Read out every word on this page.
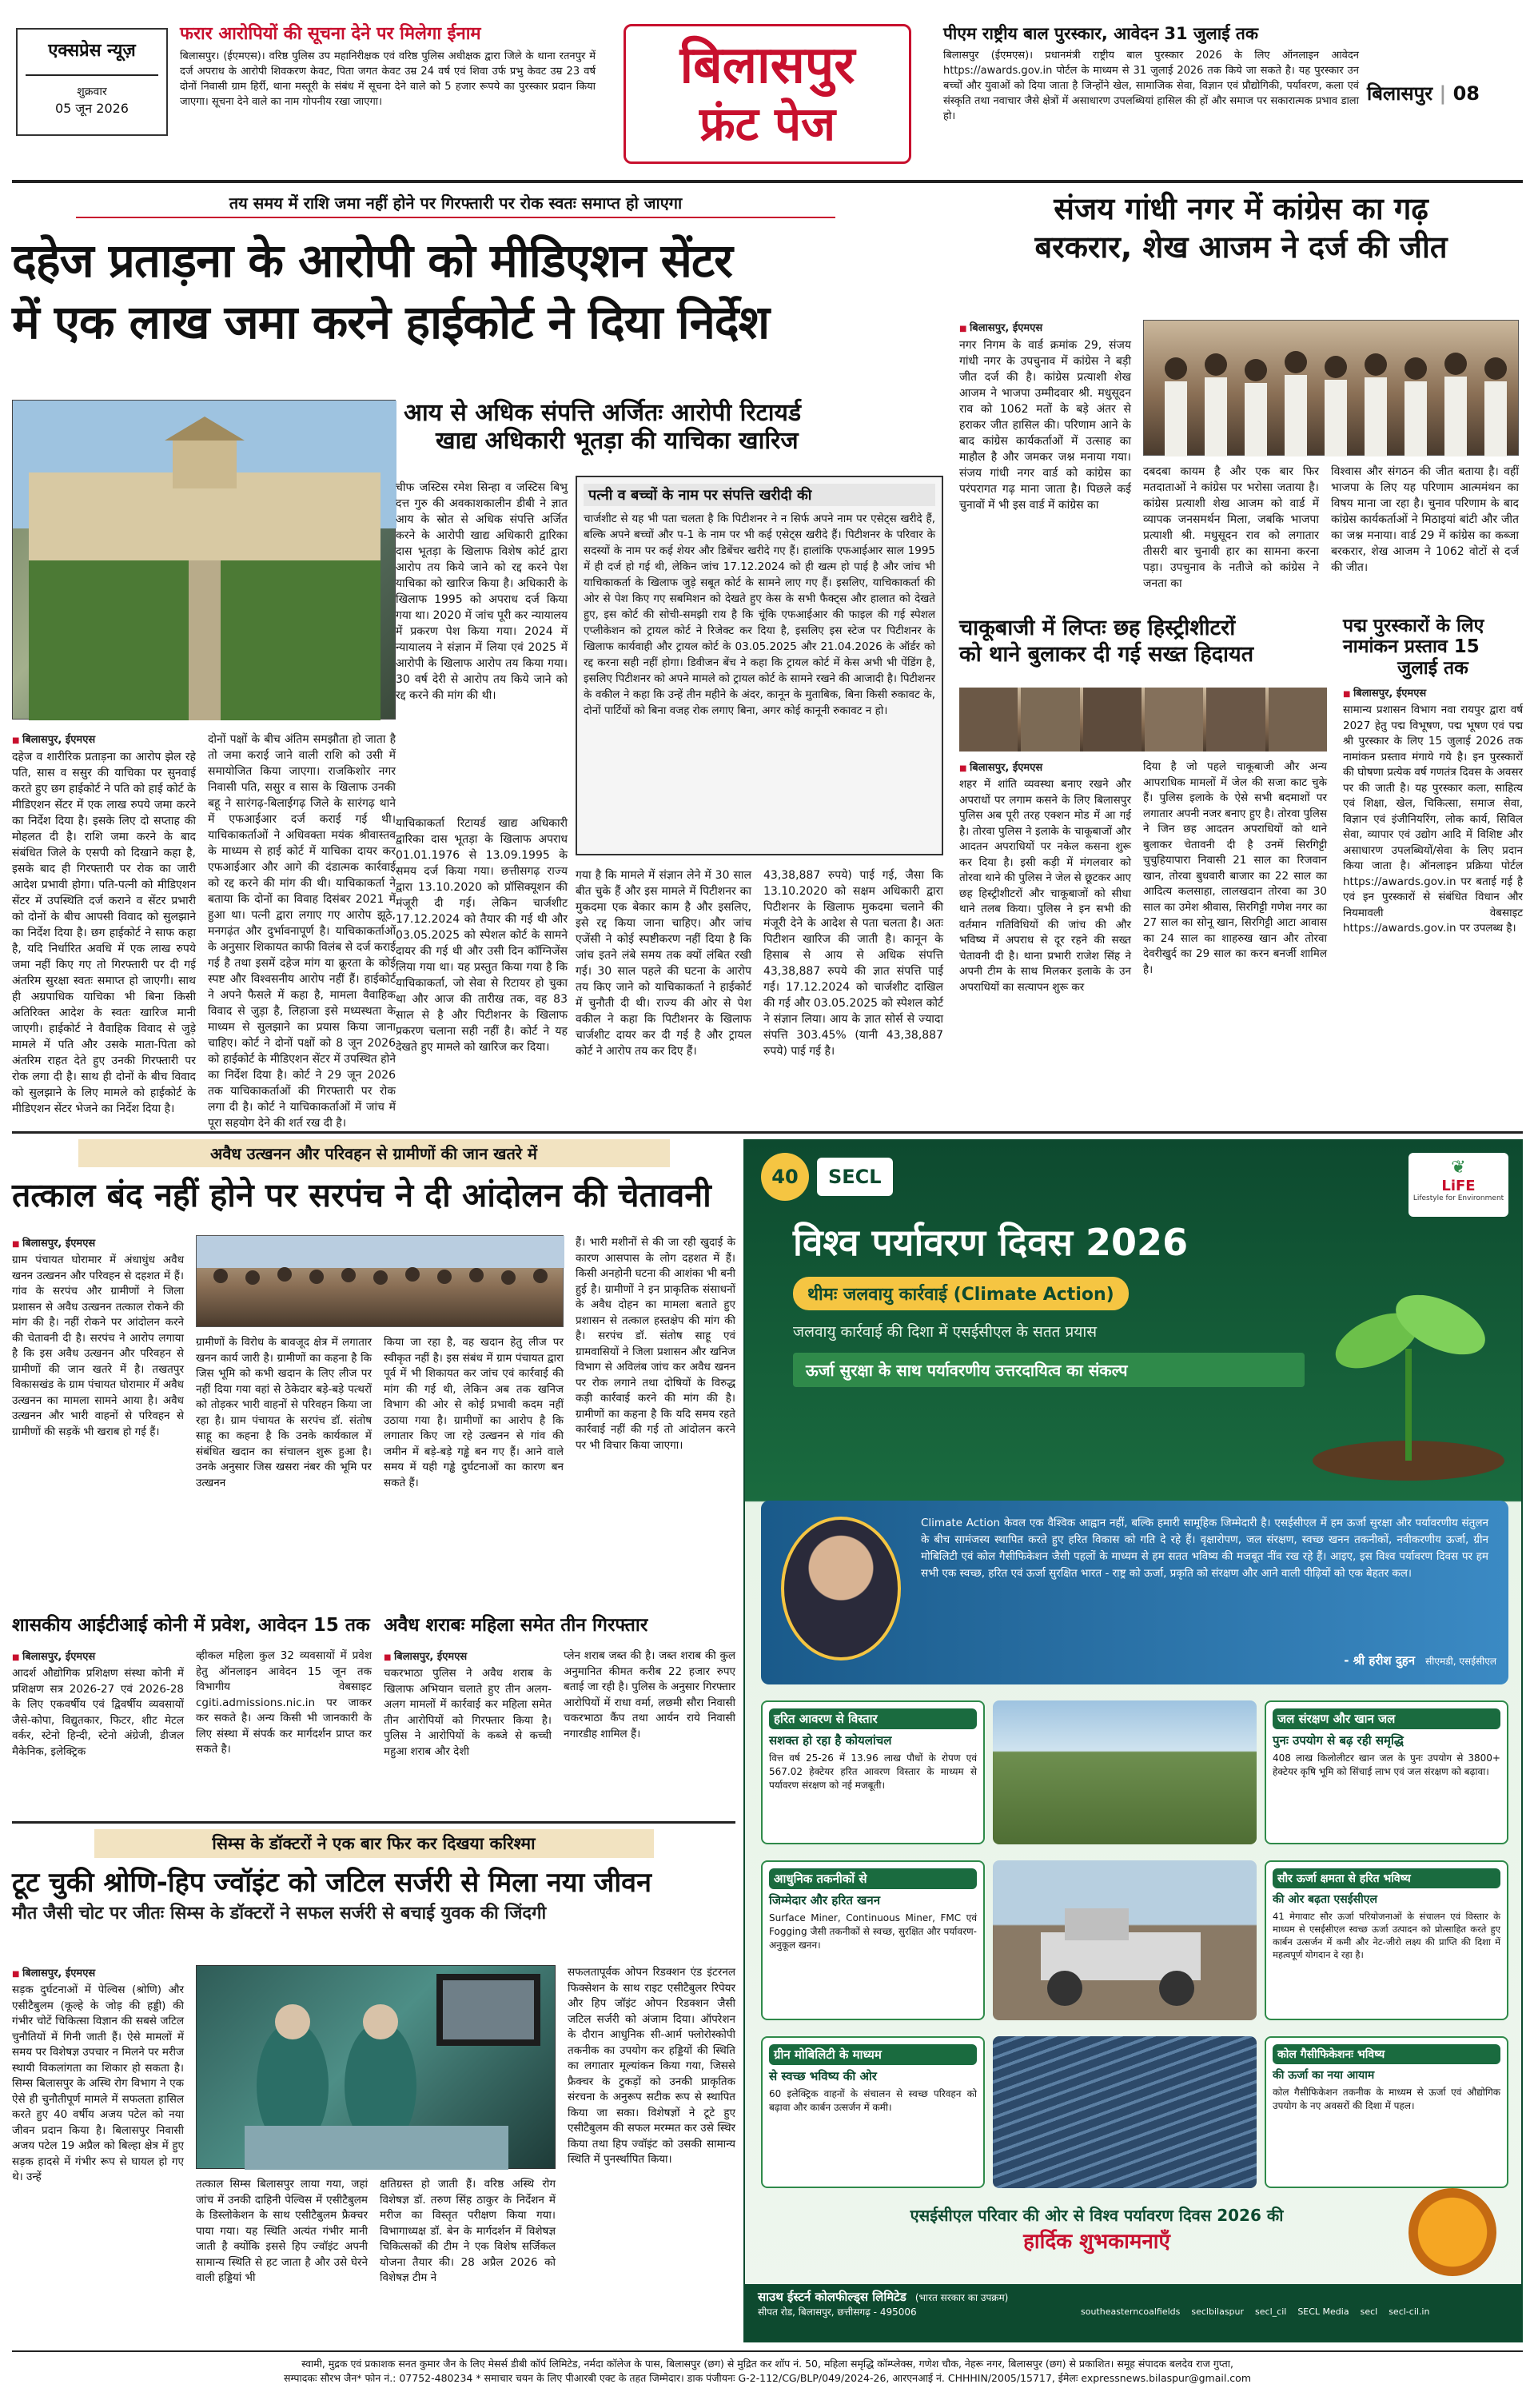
एक्सप्रेस न्यूज़
शुक्रवार
05 जून 2026
फरार आरोपियों की सूचना देने पर मिलेगा ईनाम
बिलासपुर। (ईएमएस)। वरिष्ठ पुलिस उप महानिरीक्षक एवं वरिष्ठ पुलिस अधीक्षक द्वारा जिले के थाना रतनपुर में दर्ज अपराध के आरोपी शिवकरण केवट, पिता जगत केवट उम्र 24 वर्ष एवं शिवा उर्फ प्रभु केवट उम्र 23 वर्ष दोनों निवासी ग्राम हिर्री, थाना मस्तूरी के संबंध में सूचना देने वाले को 5 हजार रूपये का पुरस्कार प्रदान किया जाएगा। सूचना देने वाले का नाम गोपनीय रखा जाएगा।
बिलासपुर
फ्रंट पेज
पीएम राष्ट्रीय बाल पुरस्कार, आवेदन 31 जुलाई तक
बिलासपुर (ईएमएस)। प्रधानमंत्री राष्ट्रीय बाल पुरस्कार 2026 के लिए ऑनलाइन आवेदन https://awards.gov.in पोर्टल के माध्यम से 31 जुलाई 2026 तक किये जा सकते है। यह पुरस्कार उन बच्चों और युवाओं को दिया जाता है जिन्होंने खेल, सामाजिक सेवा, विज्ञान एवं प्रौद्योगिकी, पर्यावरण, कला एवं संस्कृति तथा नवाचार जैसे क्षेत्रों में असाधारण उपलब्धियां हासिल की हों और समाज पर सकारात्मक प्रभाव डाला हो।
बिलासपुर | 08
तय समय में राशि जमा नहीं होने पर गिरफ्तारी पर रोक स्वतः समाप्त हो जाएगा
दहेज प्रताड़ना के आरोपी को मीडिएशन सेंटर
में एक लाख जमा करने हाईकोर्ट ने दिया निर्देश
■ बिलासपुर, ईएमएस
दहेज व शारीरिक प्रताड़ना का आरोप झेल रहे पति, सास व ससुर की याचिका पर सुनवाई करते हुए छग हाईकोर्ट ने पति को हाई कोर्ट के मीडिएशन सेंटर में एक लाख रुपये जमा करने का निर्देश दिया है। इसके लिए दो सप्ताह की मोहलत दी है। राशि जमा करने के बाद संबंधित जिले के एसपी को दिखाने कहा है, इसके बाद ही गिरफ्तारी पर रोक का जारी आदेश प्रभावी होगा। पति-पत्नी को मीडिएशन सेंटर में उपस्थिति दर्ज कराने व सेंटर प्रभारी को दोनों के बीच आपसी विवाद को सुलझाने का निर्देश दिया है। छग हाईकोर्ट ने साफ कहा है, यदि निर्धारित अवधि में एक लाख रुपये जमा नहीं किए गए तो गिरफ्तारी पर दी गई अंतरिम सुरक्षा स्वतः समाप्त हो जाएगी। साथ ही अग्रपाधिक याचिका भी बिना किसी अतिरिक्त आदेश के स्वतः खारिज मानी जाएगी। हाईकोर्ट ने वैवाहिक विवाद से जुड़े मामले में पति और उसके माता-पिता को अंतरिम राहत देते हुए उनकी गिरफ्तारी पर रोक लगा दी है। साथ ही दोनों के बीच विवाद को सुलझाने के लिए मामले को हाईकोर्ट के मीडिएशन सेंटर भेजने का निर्देश दिया है।
दोनों पक्षों के बीच अंतिम समझौता हो जाता है तो जमा कराई जाने वाली राशि को उसी में समायोजित किया जाएगा। राजकिशोर नगर निवासी पति, ससुर व सास के खिलाफ उनकी बहू ने सारंगढ़-बिलाईगढ़ जिले के सारंगढ़ थाने में एफआईआर दर्ज कराई गई थी। याचिकाकर्ताओं ने अधिवक्ता मयंक श्रीवास्तव के माध्यम से हाई कोर्ट में याचिका दायर कर एफआईआर और आगे की दंडात्मक कार्रवाई को रद्द करने की मांग की थी। याचिकाकर्ता ने बताया कि दोनों का विवाह दिसंबर 2021 में हुआ था। पत्नी द्वारा लगाए गए आरोप झूठे, मनगढ़ंत और दुर्भावनापूर्ण है। याचिकाकर्ताओं के अनुसार शिकायत काफी विलंब से दर्ज कराई गई है तथा इसमें दहेज मांग या क्रूरता के कोई स्पष्ट और विश्वसनीय आरोप नहीं हैं। हाईकोर्ट ने अपने फैसले में कहा है, मामला वैवाहिक विवाद से जुड़ा है, लिहाजा इसे मध्यस्थता के माध्यम से सुलझाने का प्रयास किया जाना चाहिए। कोर्ट ने दोनों पक्षों को 8 जून 2026 को हाईकोर्ट के मीडिएशन सेंटर में उपस्थित होने का निर्देश दिया है। कोर्ट ने 29 जून 2026 तक याचिकाकर्ताओं की गिरफ्तारी पर रोक लगा दी है। कोर्ट ने याचिकाकर्ताओं में जांच में पूरा सहयोग देने की शर्त रख दी है।
आय से अधिक संपत्ति अर्जितः आरोपी रिटायर्ड
खाद्य अधिकारी भूतड़ा की याचिका खारिज
चीफ जस्टिस रमेश सिन्हा व जस्टिस बिभु दत्त गुरु की अवकाशकालीन डीबी ने ज्ञात आय के स्रोत से अधिक संपत्ति अर्जित करने के आरोपी खाद्य अधिकारी द्वारिका दास भूतड़ा के खिलाफ विशेष कोर्ट द्वारा आरोप तय किये जाने को रद्द करने पेश याचिका को खारिज किया है। अधिकारी के खिलाफ 1995 को अपराध दर्ज किया गया था। 2020 में जांच पूरी कर न्यायालय में प्रकरण पेश किया गया। 2024 में न्यायालय ने संज्ञान में लिया एवं 2025 में आरोपी के खिलाफ आरोप तय किया गया। 30 वर्ष देरी से आरोप तय किये जाने को रद्द करने की मांग की थी।
याचिकाकर्ता रिटायर्ड खाद्य अधिकारी द्वारिका दास भूतड़ा के खिलाफ अपराध 01.01.1976 से 13.09.1995 के समय दर्ज किया गया। छत्तीसगढ़ राज्य द्वारा 13.10.2020 को प्रॉसिक्यूशन की मंजूरी दी गई। लेकिन चार्जशीट 17.12.2024 को तैयार की गई थी और 03.05.2025 को स्पेशल कोर्ट के सामने दायर की गई थी और उसी दिन कॉग्निजेंस लिया गया था। यह प्रस्तुत किया गया है कि याचिकाकर्ता, जो सेवा से रिटायर हो चुका था और आज की तारीख तक, वह 83 साल से है और पिटीशनर के खिलाफ प्रकरण चलाना सही नहीं है। कोर्ट ने यह देखते हुए मामले को खारिज कर दिया।
पत्नी व बच्चों के नाम पर संपत्ति खरीदी की
चार्जशीट से यह भी पता चलता है कि पिटीशनर ने न सिर्फ अपने नाम पर एसेट्स खरीदे हैं, बल्कि अपने बच्चों और प-1 के नाम पर भी कई एसेट्स खरीदे हैं। पिटीशनर के परिवार के सदस्यों के नाम पर कई शेयर और डिबेंचर खरीदे गए हैं। हालांकि एफआईआर साल 1995 में ही दर्ज हो गई थी, लेकिन जांच 17.12.2024 को ही खत्म हो पाई है और जांच भी याचिकाकर्ता के खिलाफ जुड़े सबूत कोर्ट के सामने लाए गए हैं। इसलिए, याचिकाकर्ता की ओर से पेश किए गए सबमिशन को देखते हुए केस के सभी फैक्ट्स और हालात को देखते हुए, इस कोर्ट की सोची-समझी राय है कि चूंकि एफआईआर की फाइल की गई स्पेशल एप्लीकेशन को ट्रायल कोर्ट ने रिजेक्ट कर दिया है, इसलिए इस स्टेज पर पिटीशनर के खिलाफ कार्यवाही और ट्रायल कोर्ट के 03.05.2025 और 21.04.2026 के ऑर्डर को रद्द करना सही नहीं होगा। डिवीजन बेंच ने कहा कि ट्रायल कोर्ट में केस अभी भी पेंडिंग है, इसलिए पिटीशनर को अपने मामले को ट्रायल कोर्ट के सामने रखने की आजादी है। पिटीशनर के वकील ने कहा कि उन्हें तीन महीने के अंदर, कानून के मुताबिक, बिना किसी रुकावट के, दोनों पार्टियों को बिना वजह रोक लगाए बिना, अगर कोई कानूनी रुकावट न हो।
गया है कि मामले में संज्ञान लेने में 30 साल बीत चुके हैं और इस मामले में पिटीशनर का मुकदमा एक बेकार काम है और इसलिए, इसे रद्द किया जाना चाहिए। और जांच एजेंसी ने कोई स्पष्टीकरण नहीं दिया है कि जांच इतने लंबे समय तक क्यों लंबित रखी गई। 30 साल पहले की घटना के आरोप तय किए जाने को याचिकाकर्ता ने हाईकोर्ट में चुनौती दी थी। राज्य की ओर से पेश वकील ने कहा कि पिटीशनर के खिलाफ चार्जशीट दायर कर दी गई है और ट्रायल कोर्ट ने आरोप तय कर दिए हैं।
43,38,887 रुपये) पाई गई, जैसा कि 13.10.2020 को सक्षम अधिकारी द्वारा पिटीशनर के खिलाफ मुकदमा चलाने की मंजूरी देने के आदेश से पता चलता है। अतः पिटीशन खारिज की जाती है। कानून के हिसाब से आय से अधिक संपत्ति 43,38,887 रुपये की ज्ञात संपत्ति पाई गई। 17.12.2024 को चार्जशीट दाखिल की गई और 03.05.2025 को स्पेशल कोर्ट ने संज्ञान लिया। आय के ज्ञात सोर्स से ज्यादा संपत्ति 303.45% (यानी 43,38,887 रुपये) पाई गई है।
संजय गांधी नगर में कांग्रेस का गढ़
बरकरार, शेख आजम ने दर्ज की जीत
■ बिलासपुर, ईएमएस
नगर निगम के वार्ड क्रमांक 29, संजय गांधी नगर के उपचुनाव में कांग्रेस ने बड़ी जीत दर्ज की है। कांग्रेस प्रत्याशी शेख आजम ने भाजपा उम्मीदवार श्री. मधुसूदन राव को 1062 मतों के बड़े अंतर से हराकर जीत हासिल की। परिणाम आने के बाद कांग्रेस कार्यकर्ताओं में उत्साह का माहौल है और जमकर जश्न मनाया गया। संजय गांधी नगर वार्ड को कांग्रेस का परंपरागत गढ़ माना जाता है। पिछले कई चुनावों में भी इस वार्ड में कांग्रेस का
दबदबा कायम है और एक बार फिर मतदाताओं ने कांग्रेस पर भरोसा जताया है। कांग्रेस प्रत्याशी शेख आजम को वार्ड में व्यापक जनसमर्थन मिला, जबकि भाजपा प्रत्याशी श्री. मधुसूदन राव को लगातार तीसरी बार चुनावी हार का सामना करना पड़ा। उपचुनाव के नतीजे को कांग्रेस ने जनता का
विश्वास और संगठन की जीत बताया है। वहीं भाजपा के लिए यह परिणाम आत्ममंथन का विषय माना जा रहा है। चुनाव परिणाम के बाद कांग्रेस कार्यकर्ताओं ने मिठाइयां बांटी और जीत का जश्न मनाया। वार्ड 29 में कांग्रेस का कब्जा बरकरार, शेख आजम ने 1062 वोटों से दर्ज की जीत।
चाकूबाजी में लिप्तः छह हिस्ट्रीशीटरों
को थाने बुलाकर दी गई सख्त हिदायत
■ बिलासपुर, ईएमएस
शहर में शांति व्यवस्था बनाए रखने और अपराधों पर लगाम कसने के लिए बिलासपुर पुलिस अब पूरी तरह एक्शन मोड में आ गई है। तोरवा पुलिस ने इलाके के चाकूबाजों और आदतन अपराधियों पर नकेल कसना शुरू कर दिया है। इसी कड़ी में मंगलवार को तोरवा थाने की पुलिस ने जेल से छूटकर आए छह हिस्ट्रीशीटरों और चाकूबाजों को सीधा थाने तलब किया। पुलिस ने इन सभी की वर्तमान गतिविधियों की जांच की और भविष्य में अपराध से दूर रहने की सख्त चेतावनी दी है। थाना प्रभारी राजेश सिंह ने अपनी टीम के साथ मिलकर इलाके के उन अपराधियों का सत्यापन शुरू कर
दिया है जो पहले चाकूबाजी और अन्य आपराधिक मामलों में जेल की सजा काट चुके हैं। पुलिस इलाके के ऐसे सभी बदमाशों पर लगातार अपनी नजर बनाए हुए है। तोरवा पुलिस ने जिन छह आदतन अपराधियों को थाने बुलाकर चेतावनी दी है उनमें सिरगिट्टी चुचुहियापारा निवासी 21 साल का रिजवान खान, तोरवा बुधवारी बाजार का 22 साल का आदित्य कलसाहा, लालखदान तोरवा का 30 साल का उमेश श्रीवास, सिरगिट्टी गणेश नगर का 27 साल का सोनू खान, सिरगिट्टी आटा आवास का 24 साल का शाहरुख खान और तोरवा देवरीखुर्द का 29 साल का करन बनर्जी शामिल है।
पद्म पुरस्कारों के लिए
नामांकन प्रस्ताव 15
जुलाई तक
■ बिलासपुर, ईएमएस
सामान्य प्रशासन विभाग नवा रायपुर द्वारा वर्ष 2027 हेतु पद्म विभूषण, पद्म भूषण एवं पद्म श्री पुरस्कार के लिए 15 जुलाई 2026 तक नामांकन प्रस्ताव मंगाये गये है। इन पुरस्कारों की घोषणा प्रत्येक वर्ष गणतंत्र दिवस के अवसर पर की जाती है। यह पुरस्कार कला, साहित्य एवं शिक्षा, खेल, चिकित्सा, समाज सेवा, विज्ञान एवं इंजीनियरिंग, लोक कार्य, सिविल सेवा, व्यापार एवं उद्योग आदि में विशिष्ट और असाधारण उपलब्धियों/सेवा के लिए प्रदान किया जाता है। ऑनलाइन प्रक्रिया पोर्टल https://awards.gov.in पर बताई गई है एवं इन पुरस्कारों से संबंधित विधान और नियमावली वेबसाइट https://awards.gov.in पर उपलब्ध है।
अवैध उत्खनन और परिवहन से ग्रामीणों की जान खतरे में
तत्काल बंद नहीं होने पर सरपंच ने दी आंदोलन की चेतावनी
■ बिलासपुर, ईएमएस
ग्राम पंचायत घोरामार में अंधाधुंध अवैध खनन उत्खनन और परिवहन से दहशत में हैं। गांव के सरपंच और ग्रामीणों ने जिला प्रशासन से अवैध उत्खनन तत्काल रोकने की मांग की है। नहीं रोकने पर आंदोलन करने की चेतावनी दी है। सरपंच ने आरोप लगाया है कि इस अवैध उत्खनन और परिवहन से ग्रामीणों की जान खतरे में है। तखतपुर विकासखंड के ग्राम पंचायत घोरामार में अवैध उत्खनन का मामला सामने आया है। अवैध उत्खनन और भारी वाहनों से परिवहन से ग्रामीणों की सड़कें भी खराब हो गई हैं।
ग्रामीणों के विरोध के बावजूद क्षेत्र में लगातार खनन कार्य जारी है। ग्रामीणों का कहना है कि जिस भूमि को कभी खदान के लिए लीज पर नहीं दिया गया वहां से ठेकेदार बड़े-बड़े पत्थरों को तोड़कर भारी वाहनों से परिवहन किया जा रहा है। ग्राम पंचायत के सरपंच डॉ. संतोष साहू का कहना है कि उनके कार्यकाल में संबंधित खदान का संचालन शुरू हुआ है। उनके अनुसार जिस खसरा नंबर की भूमि पर उत्खनन
किया जा रहा है, वह खदान हेतु लीज पर स्वीकृत नहीं है। इस संबंध में ग्राम पंचायत द्वारा पूर्व में भी शिकायत कर जांच एवं कार्रवाई की मांग की गई थी, लेकिन अब तक खनिज विभाग की ओर से कोई प्रभावी कदम नहीं उठाया गया है। ग्रामीणों का आरोप है कि लगातार किए जा रहे उत्खनन से गांव की जमीन में बड़े-बड़े गड्ढे बन गए हैं। आने वाले समय में यही गड्ढे दुर्घटनाओं का कारण बन सकते हैं।
हैं। भारी मशीनों से की जा रही खुदाई के कारण आसपास के लोग दहशत में हैं। किसी अनहोनी घटना की आशंका भी बनी हुई है। ग्रामीणों ने इन प्राकृतिक संसाधनों के अवैध दोहन का मामला बताते हुए प्रशासन से तत्काल हस्तक्षेप की मांग की है। सरपंच डॉ. संतोष साहू एवं ग्रामवासियों ने जिला प्रशासन और खनिज विभाग से अविलंब जांच कर अवैध खनन पर रोक लगाने तथा दोषियों के विरुद्ध कड़ी कार्रवाई करने की मांग की है। ग्रामीणों का कहना है कि यदि समय रहते कार्रवाई नहीं की गई तो आंदोलन करने पर भी विचार किया जाएगा।
शासकीय आईटीआई कोनी में प्रवेश, आवेदन 15 तक
■ बिलासपुर, ईएमएस
आदर्श औद्योगिक प्रशिक्षण संस्था कोनी में प्रशिक्षण सत्र 2026-27 एवं 2026-28 के लिए एकवर्षीय एवं द्विवर्षीय व्यवसायों जैसे-कोपा, विद्युतकार, फिटर, शीट मेटल वर्कर, स्टेनो हिन्दी, स्टेनो अंग्रेजी, डीजल मैकेनिक, इलेक्ट्रिक
व्हीकल महिला कुल 32 व्यवसायों में प्रवेश हेतु ऑनलाइन आवेदन 15 जून तक विभागीय वेबसाइट cgiti.admissions.nic.in पर जाकर कर सकते है। अन्य किसी भी जानकारी के लिए संस्था में संपर्क कर मार्गदर्शन प्राप्त कर सकते है।
अवैध शराबः महिला समेत तीन गिरफ्तार
■ बिलासपुर, ईएमएस
चकरभाठा पुलिस ने अवैध शराब के खिलाफ अभियान चलाते हुए तीन अलग-अलग मामलों में कार्रवाई कर महिला समेत तीन आरोपियों को गिरफ्तार किया है। पुलिस ने आरोपियों के कब्जे से कच्ची महुआ शराब और देशी
प्लेन शराब जब्त की है। जब्त शराब की कुल अनुमानित कीमत करीब 22 हजार रुपए बताई जा रही है। पुलिस के अनुसार गिरफ्तार आरोपियों में राधा वर्मा, लछमी सौरा निवासी चकरभाठा कैंप तथा आर्यन राये निवासी नगारडीह शामिल हैं।
सिम्स के डॉक्टरों ने एक बार फिर कर दिखया करिश्मा
टूट चुकी श्रोणि-हिप ज्वॉइंट को जटिल सर्जरी से मिला नया जीवन
मौत जैसी चोट पर जीतः सिम्स के डॉक्टरों ने सफल सर्जरी से बचाई युवक की जिंदगी
■ बिलासपुर, ईएमएस
सड़क दुर्घटनाओं में पेल्विस (श्रोणि) और एसीटैबुलम (कूल्हे के जोड़ की हड्डी) की गंभीर चोटें चिकित्सा विज्ञान की सबसे जटिल चुनौतियों में गिनी जाती हैं। ऐसे मामलों में समय पर विशेषज्ञ उपचार न मिलने पर मरीज स्थायी विकलांगता का शिकार हो सकता है। सिम्स बिलासपुर के अस्थि रोग विभाग ने एक ऐसे ही चुनौतीपूर्ण मामले में सफलता हासिल करते हुए 40 वर्षीय अजय पटेल को नया जीवन प्रदान किया है। बिलासपुर निवासी अजय पटेल 19 अप्रैल को बिल्हा क्षेत्र में हुए सड़क हादसे में गंभीर रूप से घायल हो गए थे। उन्हें
तत्काल सिम्स बिलासपुर लाया गया, जहां जांच में उनकी दाहिनी पेल्विस में एसीटैबुलम के डिस्लोकेशन के साथ एसीटैबुलम फ्रैक्चर पाया गया। यह स्थिति अत्यंत गंभीर मानी जाती है क्योंकि इससे हिप ज्वॉइंट अपनी सामान्य स्थिति से हट जाता है और उसे घेरने वाली हड्डियां भी
क्षतिग्रस्त हो जाती हैं। वरिष्ठ अस्थि रोग विशेषज्ञ डॉ. तरुण सिंह ठाकुर के निर्देशन में मरीज का विस्तृत परीक्षण किया गया। विभागाध्यक्ष डॉ. बेन के मार्गदर्शन में विशेषज्ञ चिकित्सकों की टीम ने एक विशेष सर्जिकल योजना तैयार की। 28 अप्रैल 2026 को विशेषज्ञ टीम ने
सफलतापूर्वक ओपन रिडक्शन एंड इंटरनल फिक्सेशन के साथ राइट एसीटैबुलर रिपेयर और हिप जॉइंट ओपन रिडक्शन जैसी जटिल सर्जरी को अंजाम दिया। ऑपरेशन के दौरान आधुनिक सी-आर्म फ्लोरोस्कोपी तकनीक का उपयोग कर हड्डियों की स्थिति का लगातार मूल्यांकन किया गया, जिससे फ्रैक्चर के टुकड़ों को उनकी प्राकृतिक संरचना के अनुरूप सटीक रूप से स्थापित किया जा सका। विशेषज्ञों ने टूटे हुए एसीटैबुलम की सफल मरम्मत कर उसे स्थिर किया तथा हिप ज्वॉइंट को उसकी सामान्य स्थिति में पुनर्स्थापित किया।
40	SECL	❦
LiFE
Lifestyle for Environment
विश्व पर्यावरण दिवस 2026
थीमः जलवायु कार्रवाई (Climate Action)
जलवायु कार्रवाई की दिशा में एसईसीएल के सतत प्रयास
ऊर्जा सुरक्षा के साथ पर्यावरणीय उत्तरदायित्व का संकल्प
Climate Action केवल एक वैश्विक आह्वान नहीं, बल्कि हमारी सामूहिक जिम्मेदारी है। एसईसीएल में हम ऊर्जा सुरक्षा और पर्यावरणीय संतुलन के बीच सामंजस्य स्थापित करते हुए हरित विकास को गति दे रहे हैं। वृक्षारोपण, जल संरक्षण, स्वच्छ खनन तकनीकों, नवीकरणीय ऊर्जा, ग्रीन मोबिलिटी एवं कोल गैसीफिकेशन जैसी पहलों के माध्यम से हम सतत भविष्य की मजबूत नींव रख रहे हैं। आइए, इस विश्व पर्यावरण दिवस पर हम सभी एक स्वच्छ, हरित एवं ऊर्जा सुरक्षित भारत - राष्ट्र को ऊर्जा, प्रकृति को संरक्षण और आने वाली पीढ़ियों को एक बेहतर कल।
- श्री हरीश दुहन सीएमडी, एसईसीएल
हरित आवरण से विस्तार
सशक्त हो रहा है कोयलांचल
वित्त वर्ष 25-26 में 13.96 लाख पौधों के रोपण एवं 567.02 हेक्टेयर हरित आवरण विस्तार के माध्यम से पर्यावरण संरक्षण को नई मजबूती।
जल संरक्षण और खान जल
पुनः उपयोग से बढ़ रही समृद्धि
408 लाख किलोलीटर खान जल के पुनः उपयोग से 3800+ हेक्टेयर कृषि भूमि को सिंचाई लाभ एवं जल संरक्षण को बढ़ावा।
आधुनिक तकनीकों से
जिम्मेदार और हरित खनन
Surface Miner, Continuous Miner, FMC एवं Fogging जैसी तकनीकों से स्वच्छ, सुरक्षित और पर्यावरण-अनुकूल खनन।
सौर ऊर्जा क्षमता से हरित भविष्य
की ओर बढ़ता एसईसीएल
41 मेगावाट सौर ऊर्जा परियोजनाओं के संचालन एवं विस्तार के माध्यम से एसईसीएल स्वच्छ ऊर्जा उत्पादन को प्रोत्साहित करते हुए कार्बन उत्सर्जन में कमी और नेट-जीरो लक्ष्य की प्राप्ति की दिशा में महत्वपूर्ण योगदान दे रहा है।
ग्रीन मोबिलिटी के माध्यम
से स्वच्छ भविष्य की ओर
60 इलेक्ट्रिक वाहनों के संचालन से स्वच्छ परिवहन को बढ़ावा और कार्बन उत्सर्जन में कमी।
कोल गैसीफिकेशनः भविष्य
की ऊर्जा का नया आयाम
कोल गैसीफिकेशन तकनीक के माध्यम से ऊर्जा एवं औद्योगिक उपयोग के नए अवसरों की दिशा में पहल।
एसईसीएल परिवार की ओर से विश्व पर्यावरण दिवस 2026 की
हार्दिक शुभकामनाएँ
साउथ ईस्टर्न कोलफील्ड्स लिमिटेड (भारत सरकार का उपक्रम)
सीपत रोड, बिलासपुर, छत्तीसगढ़ - 495006	southeasterncoalfields seclbilaspur secl_cil SECL Media secl secl-cil.in
स्वामी, मुद्रक एवं प्रकाशक सनत कुमार जैन के लिए मेसर्स डीबी कॉर्प लिमिटेड, नर्मदा कॉलेज के पास, बिलासपुर (छग) से मुद्रित कर शॉप नं. 50, महिला समृद्धि कॉम्प्लेक्स, गणेश चौक, नेहरू नगर, बिलासपुर (छग) से प्रकाशित। समूह संपादक बलदेव राज गुप्ता,
सम्पादकः सौरभ जैन* फोन नं.: 07752-480234 * समाचार चयन के लिए पीआरबी एक्ट के तहत जिम्मेदार। डाक पंजीयनः G-2-112/CG/BLP/049/2024-26, आरएनआई नं. CHHHIN/2005/15717, ईमेलः expressnews.bilaspur@gmail.com
